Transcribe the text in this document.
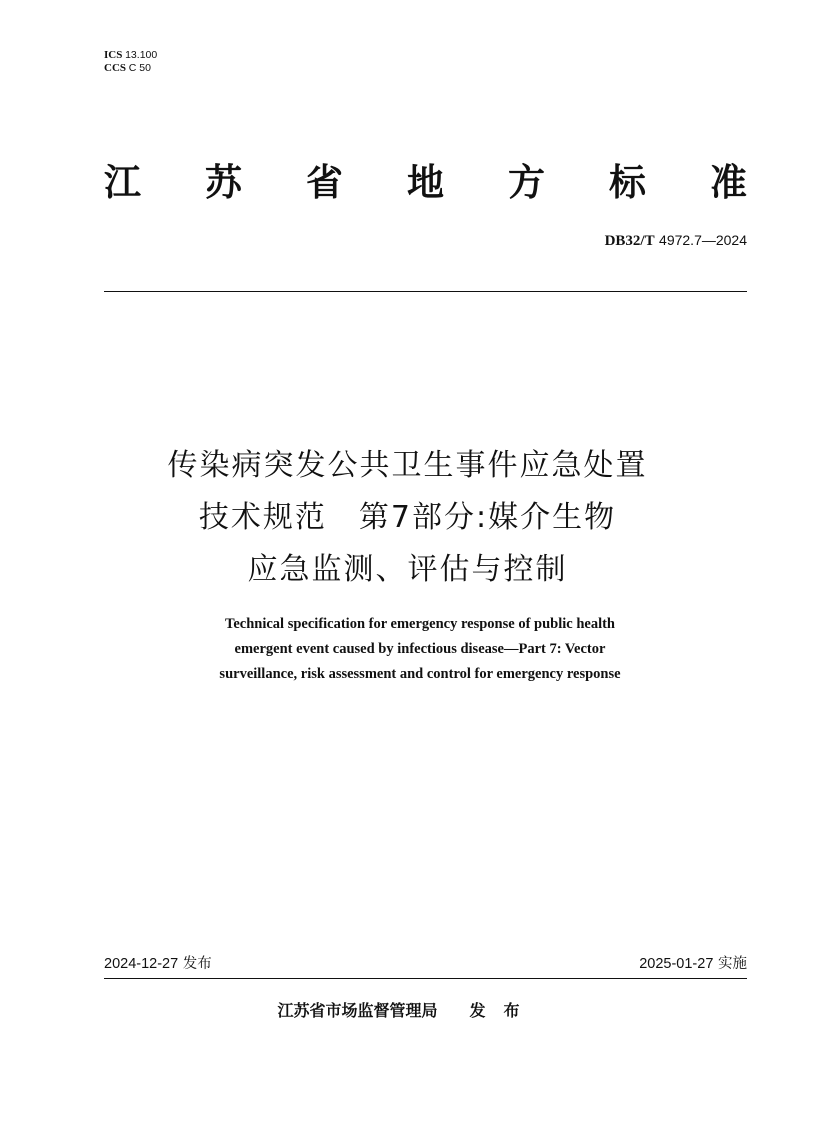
ICS 13.100
CCS C 50
江 苏 省 地 方 标 准
DB32/T 4972.7—2024
传染病突发公共卫生事件应急处置
技术规范　第7部分:媒介生物
应急监测、评估与控制
Technical specification for emergency response of public health
emergent event caused by infectious disease—Part 7: Vector
surveillance, risk assessment and control for emergency response
2024-12-27 发布	2025-01-27 实施
江苏省市场监督管理局 发布
